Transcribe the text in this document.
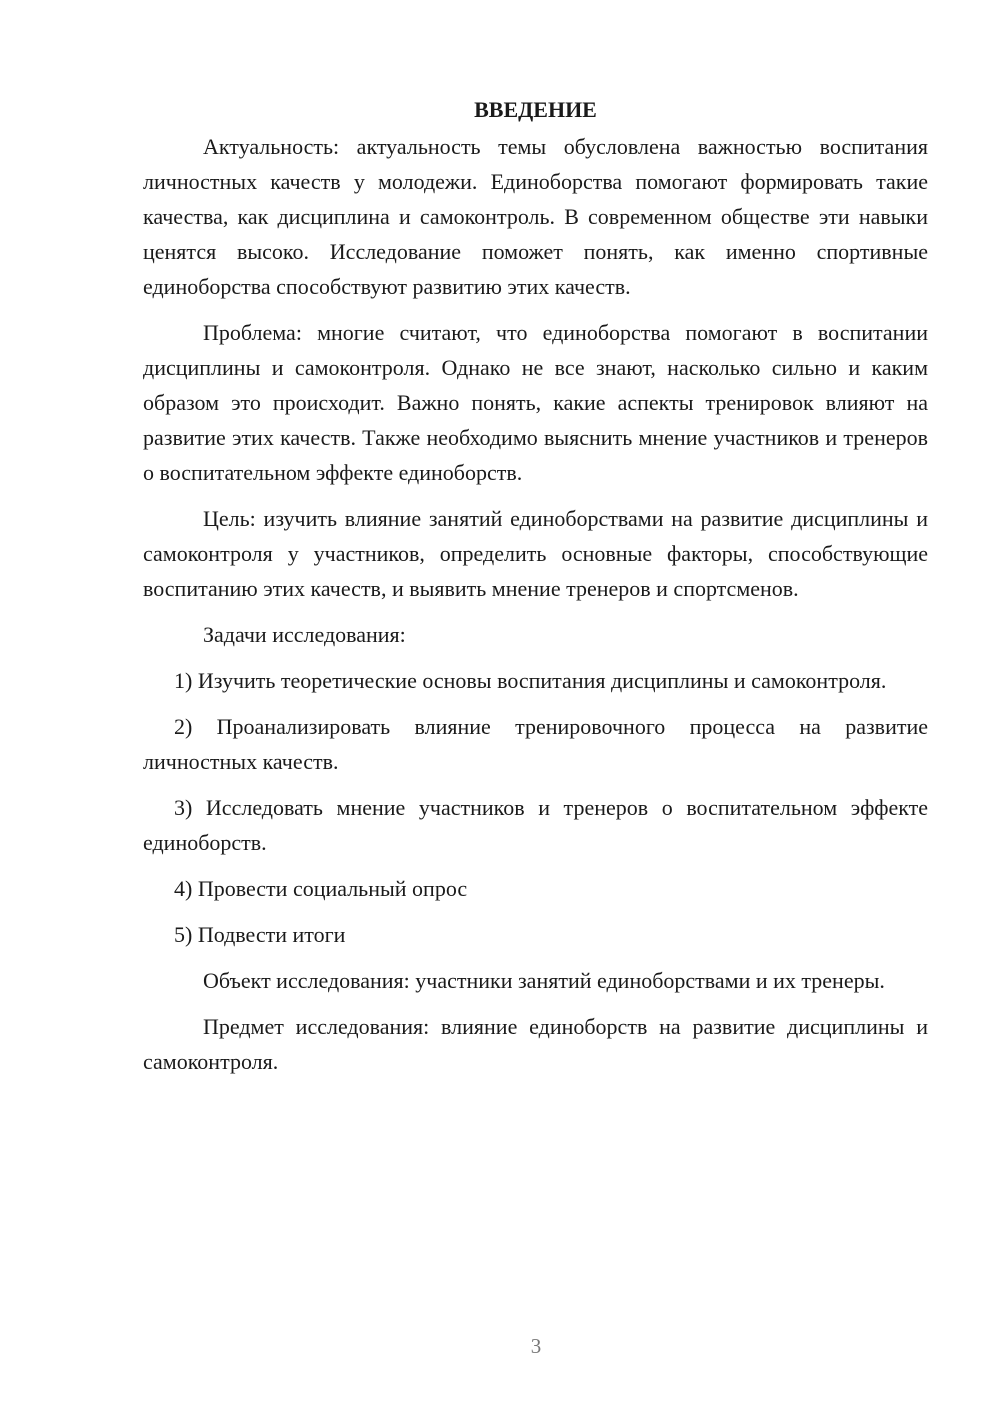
ВВЕДЕНИЕ

Актуальность: актуальность темы обусловлена важностью воспитания личностных качеств у молодежи. Единоборства помогают формировать такие качества, как дисциплина и самоконтроль. В современном обществе эти навыки ценятся высоко. Исследование поможет понять, как именно спортивные единоборства способствуют развитию этих качеств.

Проблема: многие считают, что единоборства помогают в воспитании дисциплины и самоконтроля. Однако не все знают, насколько сильно и каким образом это происходит. Важно понять, какие аспекты тренировок влияют на развитие этих качеств. Также необходимо выяснить мнение участников и тренеров о воспитательном эффекте единоборств.

Цель: изучить влияние занятий единоборствами на развитие дисциплины и самоконтроля у участников, определить основные факторы, способствующие воспитанию этих качеств, и выявить мнение тренеров и спортсменов.

Задачи исследования:

1) Изучить теоретические основы воспитания дисциплины и самоконтроля.

2) Проанализировать влияние тренировочного процесса на развитие личностных качеств.

3) Исследовать мнение участников и тренеров о воспитательном эффекте единоборств.

4) Провести социальный опрос

5) Подвести итоги

Объект исследования: участники занятий единоборствами и их тренеры.

Предмет исследования: влияние единоборств на развитие дисциплины и самоконтроля.

3
